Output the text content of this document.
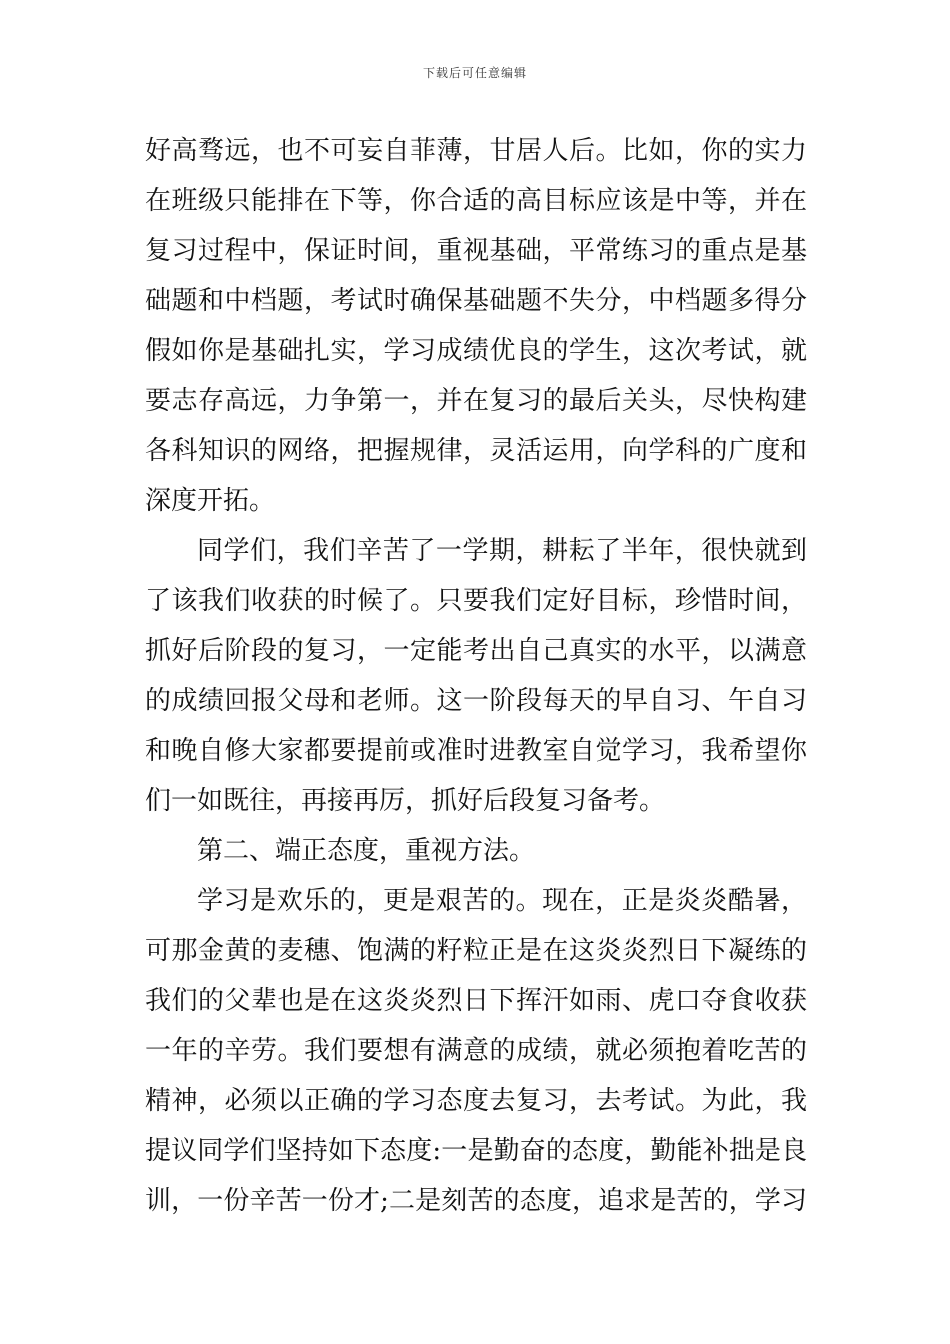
下载后可任意编辑
好高骛远，也不可妄自菲薄，甘居人后。比如，你的实力
在班级只能排在下等，你合适的高目标应该是中等，并在
复习过程中，保证时间，重视基础，平常练习的重点是基
础题和中档题，考试时确保基础题不失分，中档题多得分
假如你是基础扎实，学习成绩优良的学生，这次考试，就
要志存高远，力争第一，并在复习的最后关头，尽快构建
各科知识的网络，把握规律，灵活运用，向学科的广度和
深度开拓。
同学们，我们辛苦了一学期，耕耘了半年，很快就到
了该我们收获的时候了。只要我们定好目标，珍惜时间，
抓好后阶段的复习，一定能考出自己真实的水平，以满意
的成绩回报父母和老师。这一阶段每天的早自习、午自习
和晚自修大家都要提前或准时进教室自觉学习，我希望你
们一如既往，再接再厉，抓好后段复习备考。
第二、端正态度，重视方法。
学习是欢乐的，更是艰苦的。现在，正是炎炎酷暑，
可那金黄的麦穗、饱满的籽粒正是在这炎炎烈日下凝练的
我们的父辈也是在这炎炎烈日下挥汗如雨、虎口夺食收获
一年的辛劳。我们要想有满意的成绩，就必须抱着吃苦的
精神，必须以正确的学习态度去复习，去考试。为此，我
提议同学们坚持如下态度:一是勤奋的态度，勤能补拙是良
训，一份辛苦一份才;二是刻苦的态度，追求是苦的，学习
